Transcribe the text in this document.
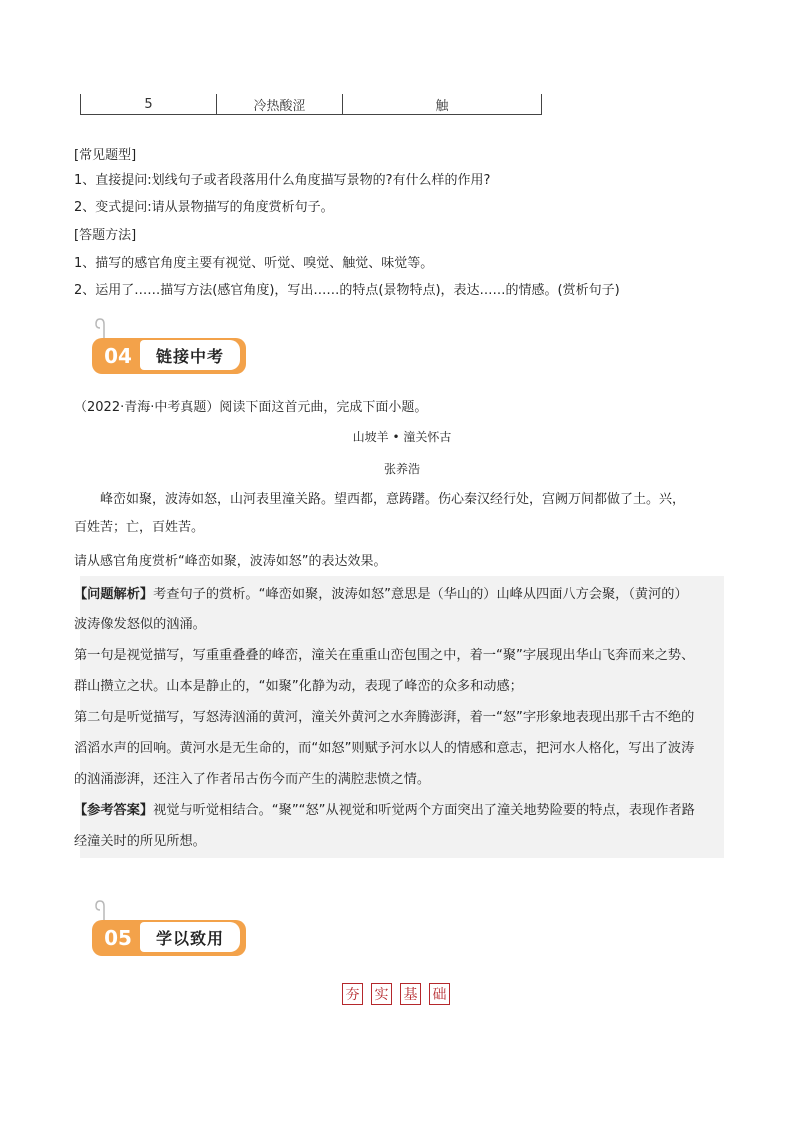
5	冷热酸涩	触
[常见题型]
1、直接提问:划线句子或者段落用什么角度描写景物的?有什么样的作用?
2、变式提问:请从景物描写的角度赏析句子。
[答题方法]
1、描写的感官角度主要有视觉、听觉、嗅觉、触觉、味觉等。
2、运用了……描写方法(感官角度)，写出……的特点(景物特点)，表达……的情感。(赏析句子)
04	链接中考
（2022·青海·中考真题）阅读下面这首元曲，完成下面小题。
山坡羊 • 潼关怀古
张养浩
峰峦如聚，波涛如怒，山河表里潼关路。望西都，意踌躇。伤心秦汉经行处，宫阙万间都做了土。兴，
百姓苦；亡，百姓苦。
请从感官角度赏析“峰峦如聚，波涛如怒”的表达效果。
【问题解析】考查句子的赏析。“峰峦如聚，波涛如怒”意思是（华山的）山峰从四面八方会聚，（黄河的）
波涛像发怒似的汹涌。
第一句是视觉描写，写重重叠叠的峰峦，潼关在重重山峦包围之中，着一“聚”字展现出华山飞奔而来之势、
群山攒立之状。山本是静止的，“如聚”化静为动，表现了峰峦的众多和动感；
第二句是听觉描写，写怒涛汹涌的黄河，潼关外黄河之水奔腾澎湃，着一“怒”字形象地表现出那千古不绝的
滔滔水声的回响。黄河水是无生命的，而“如怒”则赋予河水以人的情感和意志，把河水人格化，写出了波涛
的汹涌澎湃，还注入了作者吊古伤今而产生的满腔悲愤之情。
【参考答案】视觉与听觉相结合。“聚”“怒”从视觉和听觉两个方面突出了潼关地势险要的特点，表现作者路
经潼关时的所见所想。
05	学以致用
夯 实 基 础
